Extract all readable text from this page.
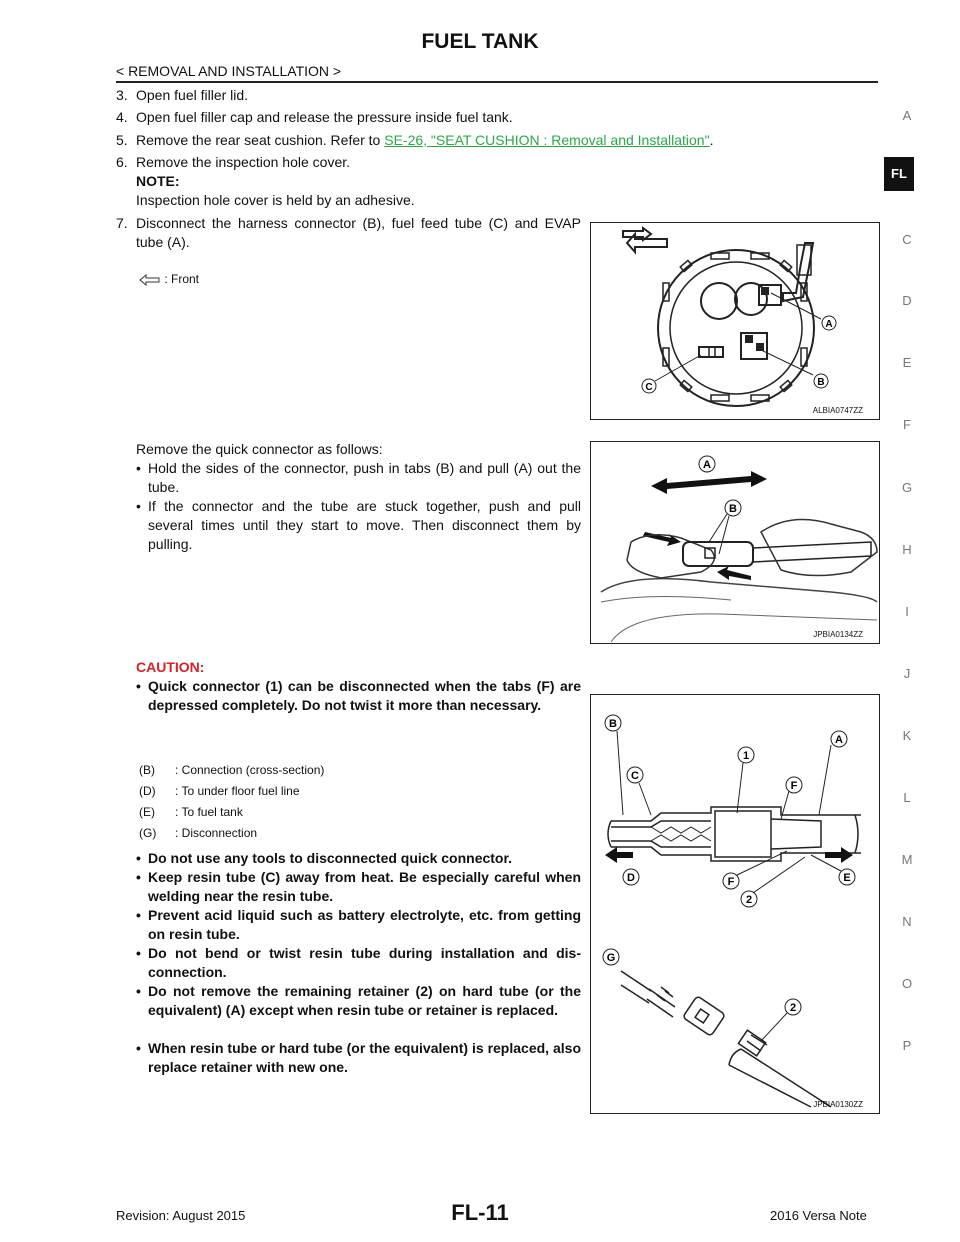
FUEL TANK
< REMOVAL AND INSTALLATION >
3. Open fuel filler lid.
4. Open fuel filler cap and release the pressure inside fuel tank.
5. Remove the rear seat cushion. Refer to SE-26, "SEAT CUSHION : Removal and Installation".
6. Remove the inspection hole cover.
NOTE:
Inspection hole cover is held by an adhesive.
7. Disconnect the harness connector (B), fuel feed tube (C) and EVAP tube (A).
: Front
A
B
C
ALBIA0747ZZ
Remove the quick connector as follows:
• Hold the sides of the connector, push in tabs (B) and pull (A) out the tube.
• If the connector and the tube are stuck together, push and pull several times until they start to move. Then disconnect them by pulling.
A
B
JPBIA0134ZZ
CAUTION:
• Quick connector (1) can be disconnected when the tabs (F) are depressed completely. Do not twist it more than necessary.
(B) : Connection (cross-section)
(D) : To under floor fuel line
(E) : To fuel tank
(G) : Disconnection
• Do not use any tools to disconnected quick connector.
• Keep resin tube (C) away from heat. Be especially careful when welding near the resin tube.
• Prevent acid liquid such as battery electrolyte, etc. from getting on resin tube.
• Do not bend or twist resin tube during installation and dis- connection.
• Do not remove the remaining retainer (2) on hard tube (or the equivalent) (A) except when resin tube or retainer is replaced.
• When resin tube or hard tube (or the equivalent) is replaced, also replace retainer with new one.
B
A
1
C
F
D	F	E
2
G
2
JPBIA0130ZZ
A
FL
C
D
E
F
G
H
I
J
K
L
M
N
O
P
Revision: August 2015	FL-11	2016 Versa Note
